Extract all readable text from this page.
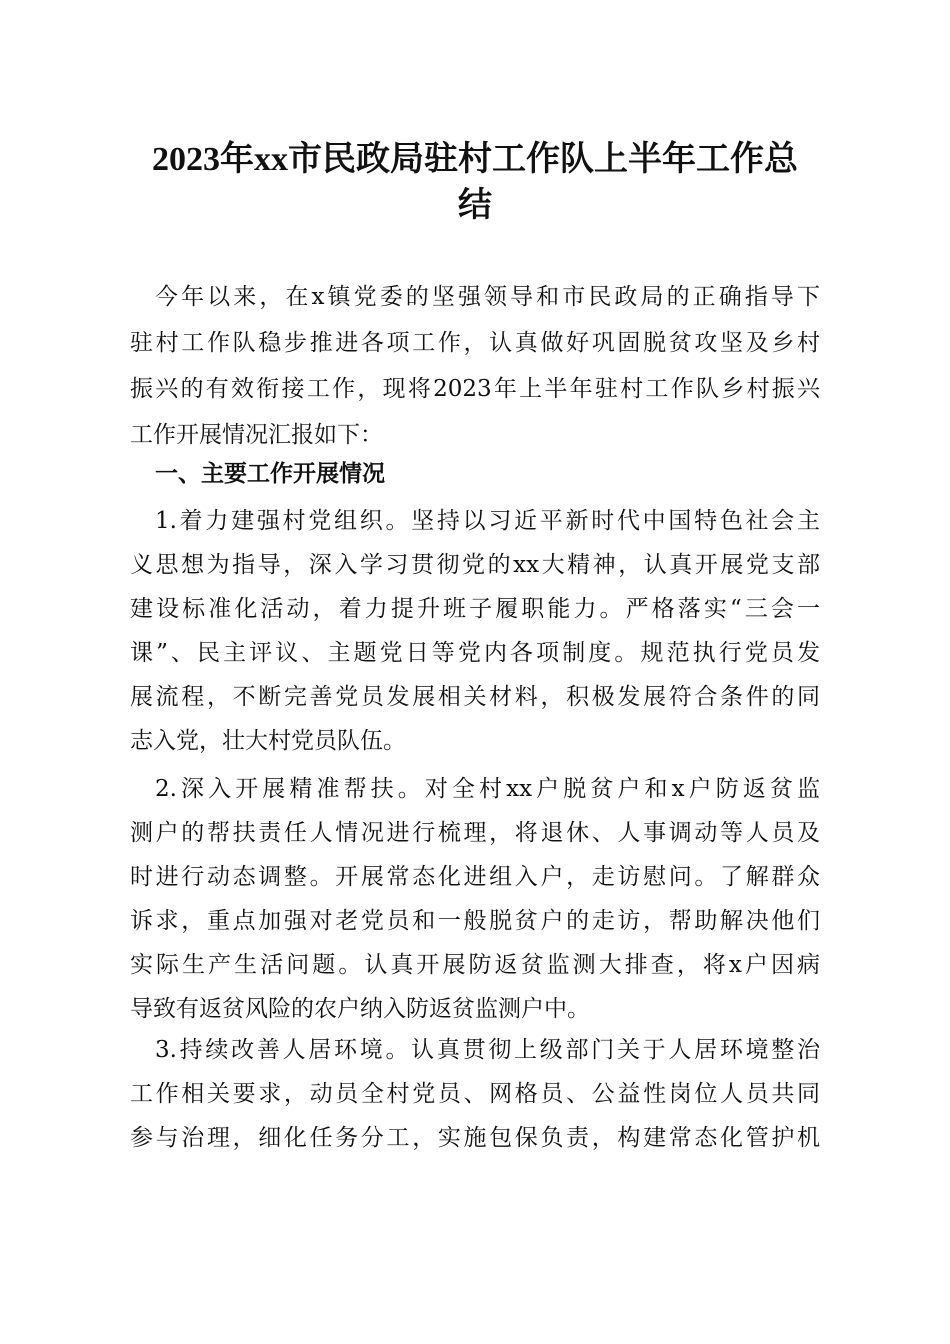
2023年xx市民政局驻村工作队上半年工作总
结
今年以来，在x镇党委的坚强领导和市民政局的正确指导下
驻村工作队稳步推进各项工作，认真做好巩固脱贫攻坚及乡村
振兴的有效衔接工作，现将2023年上半年驻村工作队乡村振兴
工作开展情况汇报如下：
一、主要工作开展情况
1.着力建强村党组织。坚持以习近平新时代中国特色社会主
义思想为指导，深入学习贯彻党的xx大精神，认真开展党支部
建设标准化活动，着力提升班子履职能力。严格落实“三会一
课”、民主评议、主题党日等党内各项制度。规范执行党员发
展流程，不断完善党员发展相关材料，积极发展符合条件的同
志入党，壮大村党员队伍。
2.深入开展精准帮扶。对全村xx户脱贫户和x户防返贫监
测户的帮扶责任人情况进行梳理，将退休、人事调动等人员及
时进行动态调整。开展常态化进组入户，走访慰问。了解群众
诉求，重点加强对老党员和一般脱贫户的走访，帮助解决他们
实际生产生活问题。认真开展防返贫监测大排查，将x户因病
导致有返贫风险的农户纳入防返贫监测户中。
3.持续改善人居环境。认真贯彻上级部门关于人居环境整治
工作相关要求，动员全村党员、网格员、公益性岗位人员共同
参与治理，细化任务分工，实施包保负责，构建常态化管护机
